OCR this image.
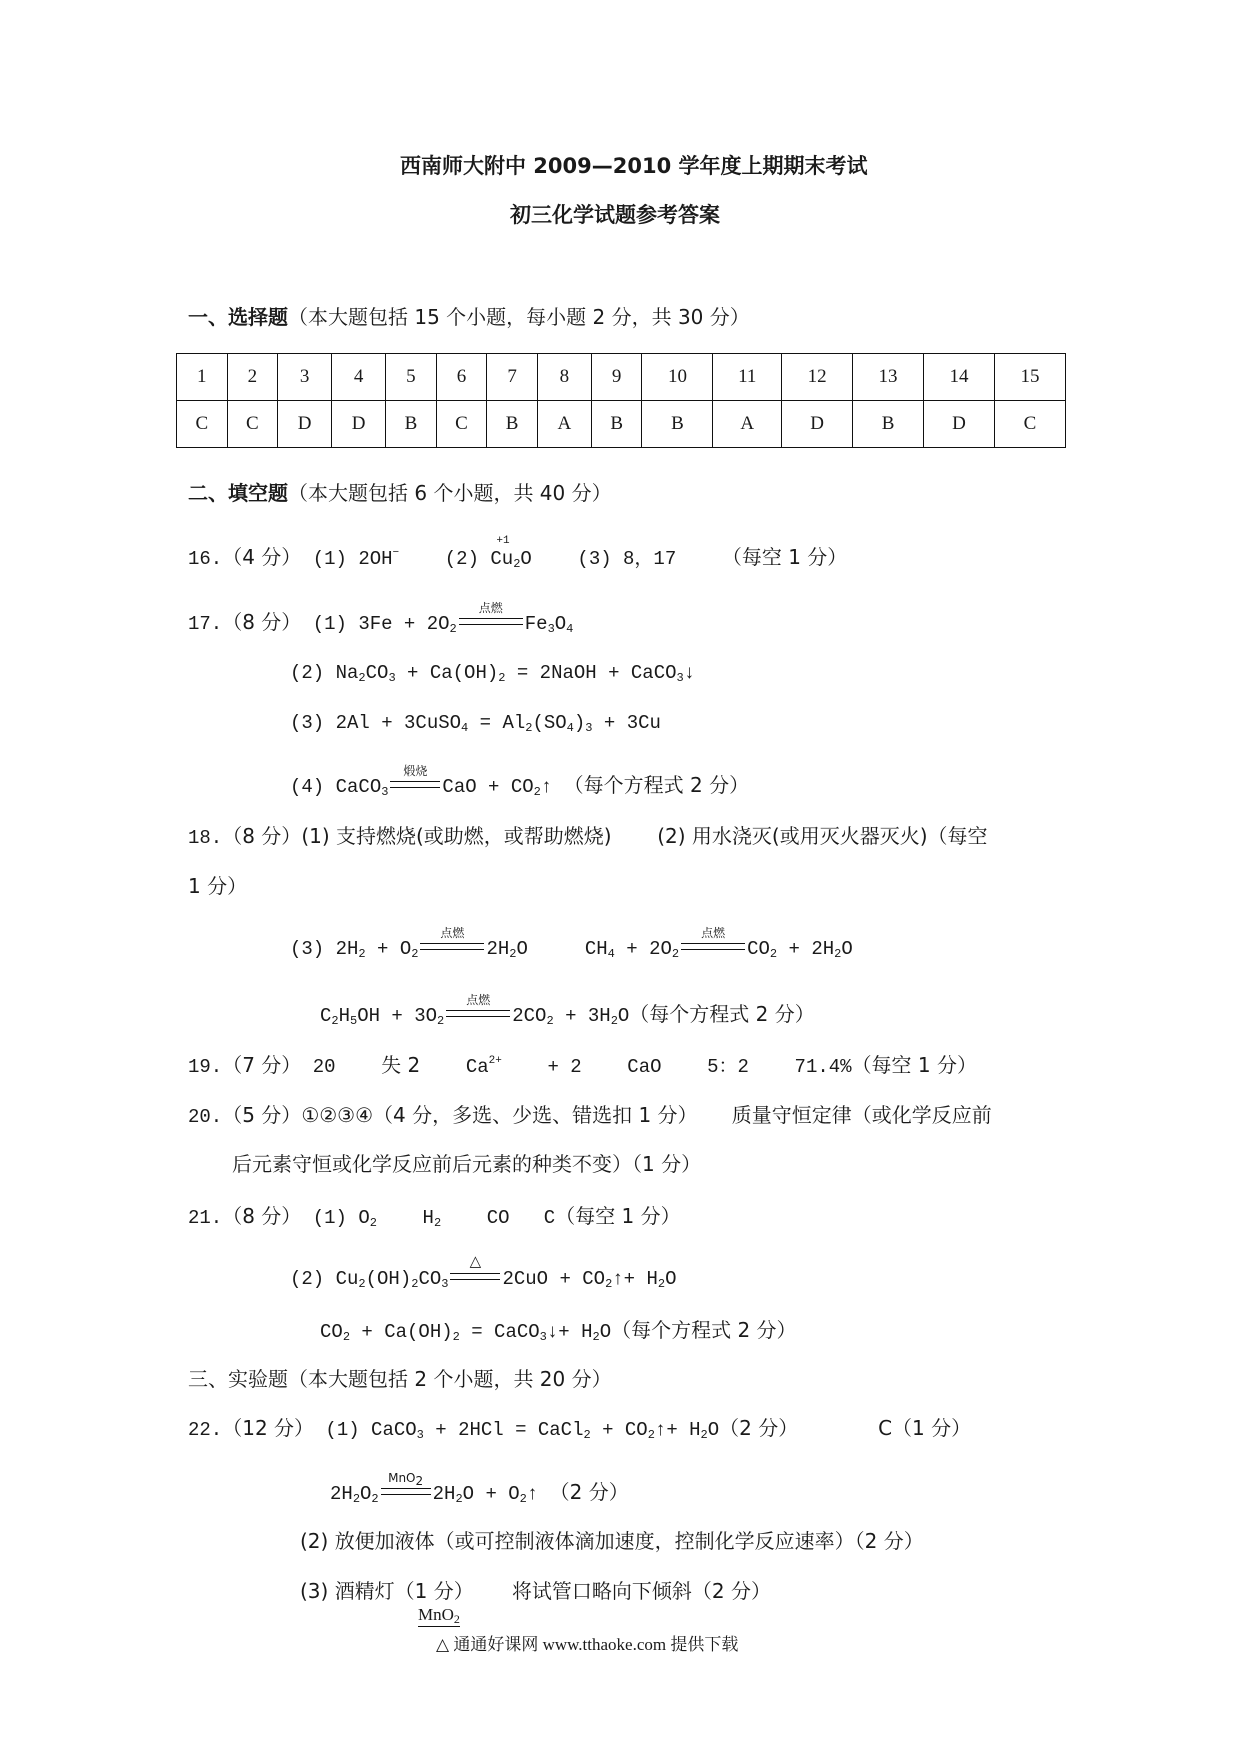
西南师大附中 2009—2010 学年度上期期末考试
初三化学试题参考答案
一、选择题（本大题包括 15 个小题，每小题 2 分，共 30 分）
1	2	3	4	5	6	7	8	9	10	11	12	13	14	15
C	C	D	D	B	C	B	A	B	B	A	D	B	D	C
二、填空题（本大题包括 6 个小题，共 40 分）
16.（4 分） (1) 2OH− (2)
+1
$Cu_2O$ (3) 8，17 （每空 1 分）
17.（8 分） (1) $3Fe + 2O_2$
点燃
$Fe_3O_4$
(2) $Na_2CO_3 + Ca(OH)_2$ = 2NaOH + CaCO$_3$↓
(3) 2Al + 3CuSO$_4$ = $Al_2(SO_4)_3 + 3Cu$
(4) CaCO$_3$
煅烧
CaO + $CO_2↑$ （每个方程式 2 分）
18.（8 分）(1) 支持燃烧(或助燃，或帮助燃烧) (2) 用水浇灭(或用灭火器灭火)（每空
1 分）
(3) $2H_2 + O_2$
点燃
$2H_2O$     $CH_4 + 2O_2$
点燃
$CO_2 + 2H_2O$
$C_2H_5OH + 3O_2$
点燃
$2CO_2 + 3H_2O$（每个方程式 2 分）
19.（7 分） 20 失 2 $Ca^{2+} + 2$ CaO 5：2 71.4%（每空 1 分）
20.（5 分）①②③④（4 分，多选、少选、错选扣 1 分） 质量守恒定律（或化学反应前
后元素守恒或化学反应前后元素的种类不变）（1 分）
21.（8 分） (1) $O_2$ $H_2$ CO C（每空 1 分）
(2) $Cu_2(OH)_2CO_3$
△
$2CuO + CO_2↑+ H_2O$
$CO_2 + Ca(OH)_2$ = CaCO$_3$↓+ $H_2O$（每个方程式 2 分）
三、实验题（本大题包括 2 个小题，共 20 分）
22.（12 分） (1) CaCO$_3$ + 2HCl = CaCl$_2$ + $CO_2↑+ H_2O(2$ 分）	C（1 分）
$2H_2O_2$
MnO$_2$
$2H_2O$ + $O_2↑$ （2 分）
(2) 放便加液体（或可控制液体滴加速度，控制化学反应速率）（2 分）
(3) 酒精灯（1 分） 将试管口略向下倾斜（2 分）
MnO$_2$
△ 通通好课网 www.tthaoke.com 提供下载
